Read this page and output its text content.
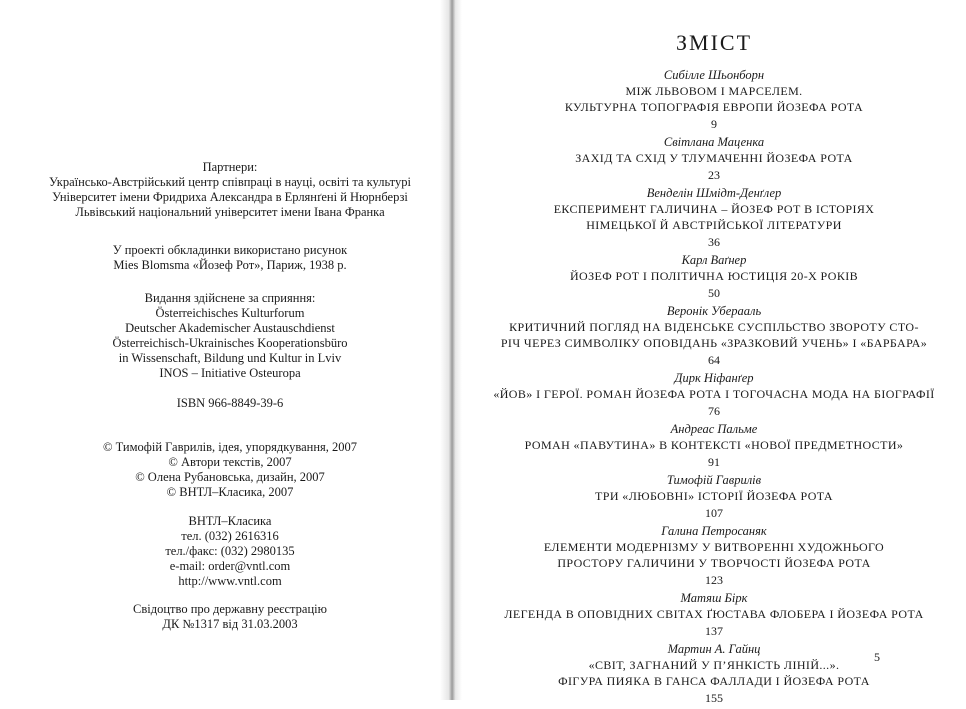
Партнери:
Українсько-Австрійський центр співпраці в науці, освіті та культурі
Університет імени Фридриха Александра в Ерлянґені й Нюрнберзі
Львівський національний університет імени Івана Франка
У проекті обкладинки використано рисунок
Mies Blomsma «Йозеф Рот», Париж, 1938 р.
Видання здійснене за сприяння:
Österreichisches Kulturforum
Deutscher Akademischer Austauschdienst
Österreichisch-Ukrainisches Kooperationsbüro
in Wissenschaft, Bildung und Kultur in Lviv
INOS – Initiative Osteuropa
ISBN 966-8849-39-6
© Тимофій Гаврилів, ідея, упорядкування, 2007
© Автори текстів, 2007
© Олена Рубановська, дизайн, 2007
© ВНТЛ–Класика, 2007
ВНТЛ–Класика
тел. (032) 2616316
тел./факс: (032) 2980135
e-mail: order@vntl.com
http://www.vntl.com
Свідоцтво про державну реєстрацію
ДК №1317 від 31.03.2003
ЗМІСТ
Сибілле Шьонборн
МІЖ ЛЬВОВОМ І МАРСЕЛЕМ.
КУЛЬТУРНА ТОПОГРАФІЯ ЕВРОПИ ЙОЗЕФА РОТА
9
Світлана Маценка
ЗАХІД ТА СХІД У ТЛУМАЧЕННІ ЙОЗЕФА РОТА
23
Венделін Шмідт-Денґлер
ЕКСПЕРИМЕНТ ГАЛИЧИНА – ЙОЗЕФ РОТ В ІСТОРІЯХ
НІМЕЦЬКОЇ Й АВСТРІЙСЬКОЇ ЛІТЕРАТУРИ
36
Карл Ваґнер
ЙОЗЕФ РОТ І ПОЛІТИЧНА ЮСТИЦІЯ 20-Х РОКІВ
50
Веронік Уберааль
КРИТИЧНИЙ ПОГЛЯД НА ВІДЕНСЬКЕ СУСПІЛЬСТВО ЗВОРОТУ СТО-
РІЧ ЧЕРЕЗ СИМВОЛІКУ ОПОВІДАНЬ «ЗРАЗКОВИЙ УЧЕНЬ» І «БАРБАРА»
64
Дирк Ніфанґер
«ЙОВ» І ГЕРОЇ. РОМАН ЙОЗЕФА РОТА І ТОГОЧАСНА МОДА НА БІОГРАФІЇ
76
Андреас Пальме
РОМАН «ПАВУТИНА» В КОНТЕКСТІ «НОВОЇ ПРЕДМЕТНОСТИ»
91
Тимофій Гаврилів
ТРИ «ЛЮБОВНІ» ІСТОРІЇ ЙОЗЕФА РОТА
107
Галина Петросаняк
ЕЛЕМЕНТИ МОДЕРНІЗМУ У ВИТВОРЕННІ ХУДОЖНЬОГО
ПРОСТОРУ ГАЛИЧИНИ У ТВОРЧОСТІ ЙОЗЕФА РОТА
123
Матяш Бірк
ЛЕГЕНДА В ОПОВІДНИХ СВІТАХ ҐЮСТАВА ФЛОБЕРА І ЙОЗЕФА РОТА
137
Мартин А. Гайнц
«СВІТ, ЗАГНАНИЙ У П’ЯНКІСТЬ ЛІНІЙ...».
ФІГУРА ПИЯКА В ГАНСА ФАЛЛАДИ І ЙОЗЕФА РОТА
155
5
